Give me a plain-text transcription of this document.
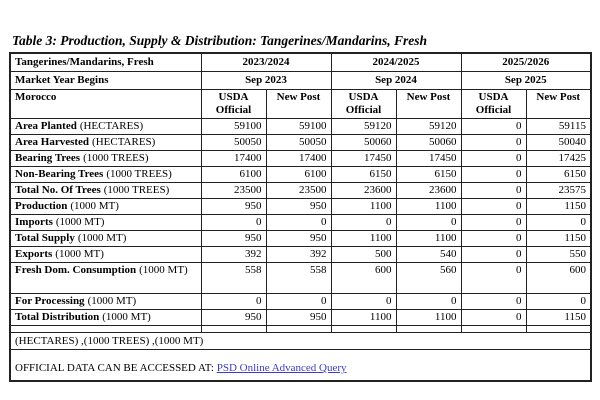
Table 3: Production, Supply & Distribution: Tangerines/Mandarins, Fresh
Tangerines/Mandarins, Fresh	2023/2024		2024/2025		2025/2026	
Market Year Begins	Sep 2023		Sep 2024		Sep 2025	
Morocco	USDA Official	New Post	USDA Official	New Post	USDA Official	New Post
Area Planted (HECTARES)	59100	59100	59120	59120	0	59115
Area Harvested (HECTARES)	50050	50050	50060	50060	0	50040
Bearing Trees (1000 TREES)	17400	17400	17450	17450	0	17425
Non-Bearing Trees (1000 TREES)	6100	6100	6150	6150	0	6150
Total No. Of Trees (1000 TREES)	23500	23500	23600	23600	0	23575
Production (1000 MT)	950	950	1100	1100	0	1150
Imports (1000 MT)	0	0	0	0	0	0
Total Supply (1000 MT)	950	950	1100	1100	0	1150
Exports (1000 MT)	392	392	500	540	0	550
Fresh Dom. Consumption (1000 MT)	558	558	600	560	0	600
For Processing (1000 MT)	0	0	0	0	0	0
Total Distribution (1000 MT)	950	950	1100	1100	0	1150

(HECTARES) ,(1000 TREES) ,(1000 MT)						
OFFICIAL DATA CAN BE ACCESSED AT: PSD Online Advanced Query						
